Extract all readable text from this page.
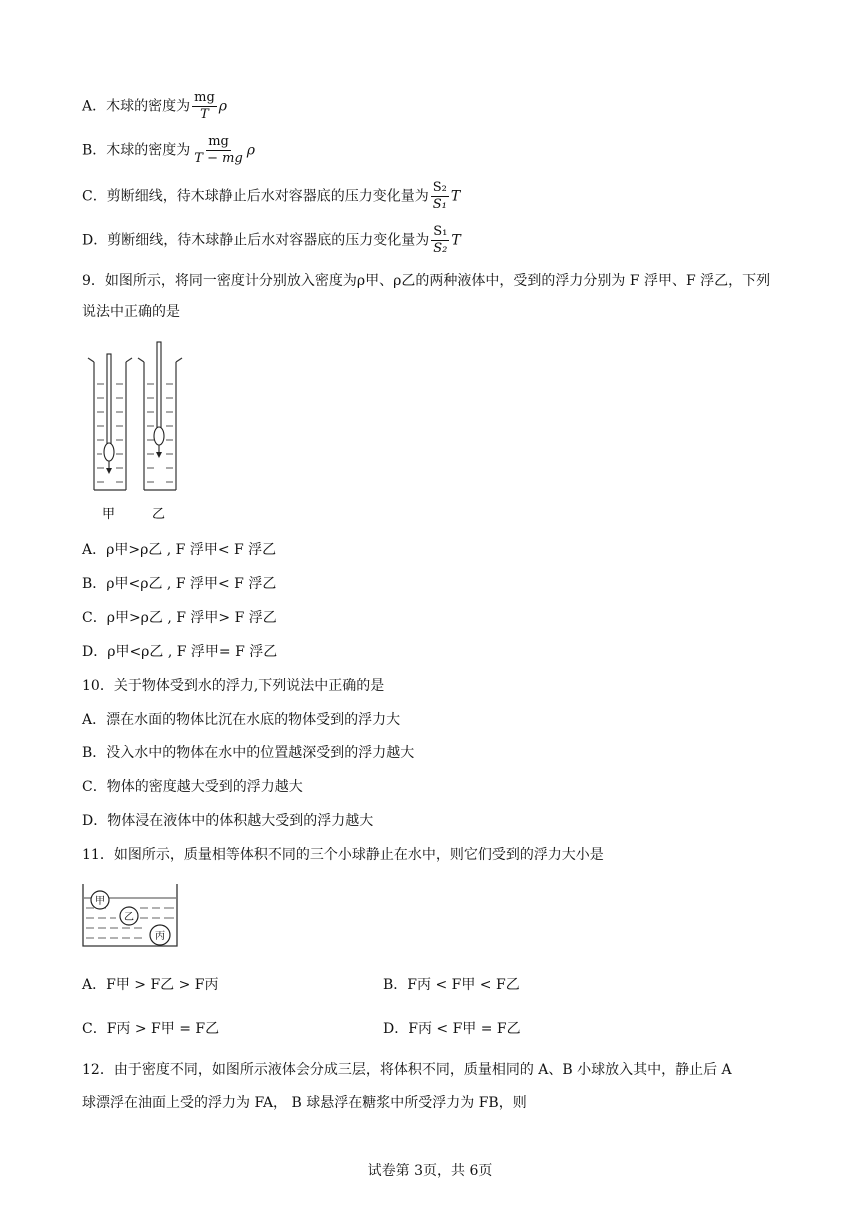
A．木球的密度为 $\frac{mg}{T}$ ρ
B．木球的密度为 $\frac{mg}{T - mg}$ ρ
C．剪断细线，待木球静止后水对容器底的压力变化量为 $\frac{\text{S₂}}{\text{S₁}}$ T
D．剪断细线，待木球静止后水对容器底的压力变化量为 $\frac{\text{S₁}}{\text{S₂}}$ T
9．如图所示，将同一密度计分别放入密度为ρ甲、ρ乙的两种液体中，受到的浮力分别为 F 浮甲、F 浮乙，下列
说法中正确的是
甲	乙
A．ρ甲>ρ乙 , F 浮甲< F 浮乙
B．ρ甲<ρ乙 , F 浮甲< F 浮乙
C．ρ甲>ρ乙 , F 浮甲> F 浮乙
D．ρ甲<ρ乙 , F 浮甲= F 浮乙
10．关于物体受到水的浮力,下列说法中正确的是
A．漂在水面的物体比沉在水底的物体受到的浮力大
B．没入水中的物体在水中的位置越深受到的浮力越大
C．物体的密度越大受到的浮力越大
D．物体浸在液体中的体积越大受到的浮力越大
11．如图所示，质量相等体积不同的三个小球静止在水中，则它们受到的浮力大小是
甲
乙
丙
A．F甲 > F乙 > F丙	B．F丙 < F甲 < F乙
C．F丙 > F甲 = F乙	D．F丙 < F甲 = F乙
12．由于密度不同，如图所示液体会分成三层，将体积不同，质量相同的 A、B 小球放入其中，静止后 A
球漂浮在油面上受的浮力为 FA， B 球悬浮在糖浆中所受浮力为 FB，则
试卷第 3页，共 6页
